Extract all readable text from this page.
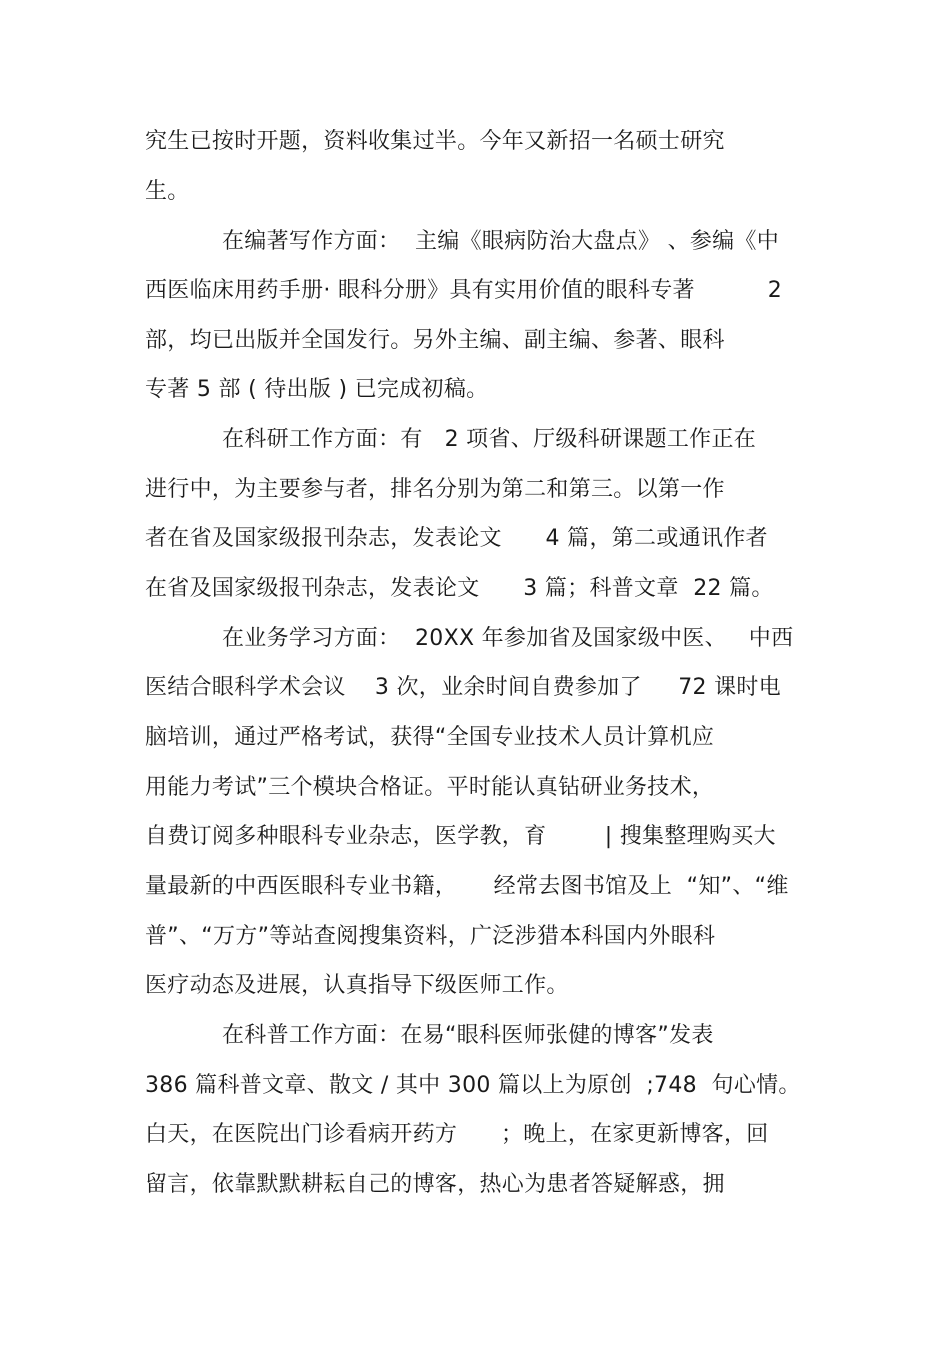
究生已按时开题，资料收集过半。今年又新招一名硕士研究
生。
在编著写作方面：  主编《眼病防治大盘点》 、参编《中
西医临床用药手册· 眼科分册》具有实用价值的眼科专著          2
部，均已出版并全国发行。另外主编、副主编、参著、眼科
专著 5 部 ( 待出版 ) 已完成初稿。
在科研工作方面：有   2 项省、厅级科研课题工作正在
进行中，为主要参与者，排名分别为第二和第三。以第一作
者在省及国家级报刊杂志，发表论文      4 篇，第二或通讯作者
在省及国家级报刊杂志，发表论文      3 篇；科普文章  22 篇。
在业务学习方面：  20XX 年参加省及国家级中医、   中西
医结合眼科学术会议    3 次，业余时间自费参加了     72 课时电
脑培训，通过严格考试，获得“全国专业技术人员计算机应
用能力考试”三个模块合格证。平时能认真钻研业务技术，
自费订阅多种眼科专业杂志，医学教，育        | 搜集整理购买大
量最新的中西医眼科专业书籍，     经常去图书馆及上  “知”、“维
普”、“万方”等站查阅搜集资料，广泛涉猎本科国内外眼科
医疗动态及进展，认真指导下级医师工作。
在科普工作方面：在易“眼科医师张健的博客”发表
386 篇科普文章、散文 / 其中 300 篇以上为原创  ;748  句心情。
白天，在医院出门诊看病开药方      ；晚上，在家更新博客，回
留言，依靠默默耕耘自己的博客，热心为患者答疑解惑，拥
